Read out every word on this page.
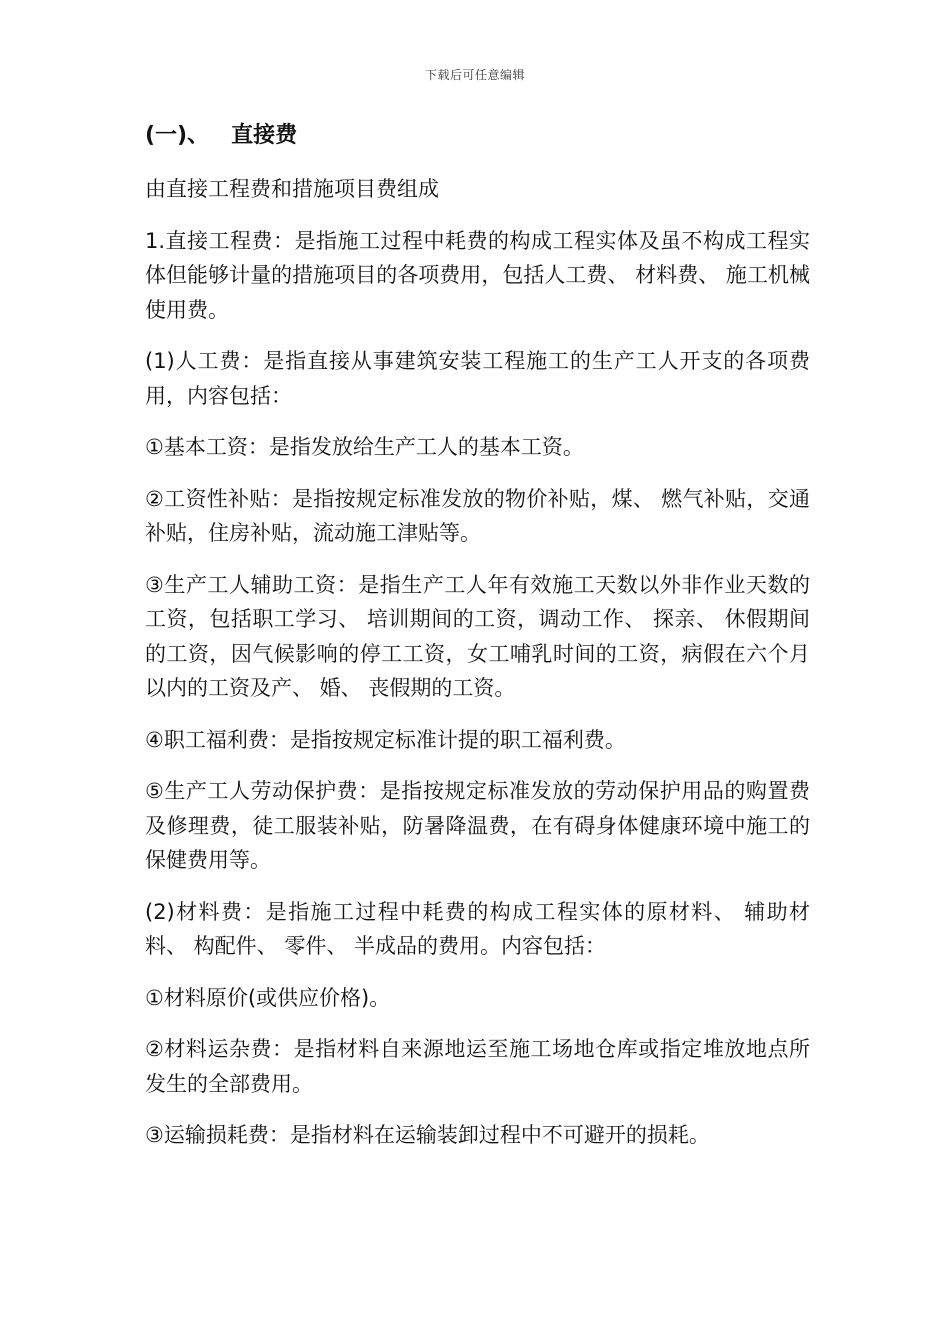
下载后可任意编辑
(一)、 直接费

由直接工程费和措施项目费组成

1.直接工程费：是指施工过程中耗费的构成工程实体及虽不构成工程实体但能够计量的措施项目的各项费用，包括人工费、 材料费、 施工机械使用费。

(1)人工费：是指直接从事建筑安装工程施工的生产工人开支的各项费用，内容包括：

①基本工资：是指发放给生产工人的基本工资。

②工资性补贴：是指按规定标准发放的物价补贴，煤、 燃气补贴，交通补贴，住房补贴，流动施工津贴等。

③生产工人辅助工资：是指生产工人年有效施工天数以外非作业天数的工资，包括职工学习、 培训期间的工资，调动工作、 探亲、 休假期间的工资，因气候影响的停工工资，女工哺乳时间的工资，病假在六个月以内的工资及产、 婚、 丧假期的工资。

④职工福利费：是指按规定标准计提的职工福利费。

⑤生产工人劳动保护费：是指按规定标准发放的劳动保护用品的购置费及修理费，徒工服装补贴，防暑降温费，在有碍身体健康环境中施工的保健费用等。

(2)材料费：是指施工过程中耗费的构成工程实体的原材料、 辅助材料、 构配件、 零件、 半成品的费用。内容包括：

①材料原价(或供应价格)。

②材料运杂费：是指材料自来源地运至施工场地仓库或指定堆放地点所发生的全部费用。

③运输损耗费：是指材料在运输装卸过程中不可避开的损耗。
